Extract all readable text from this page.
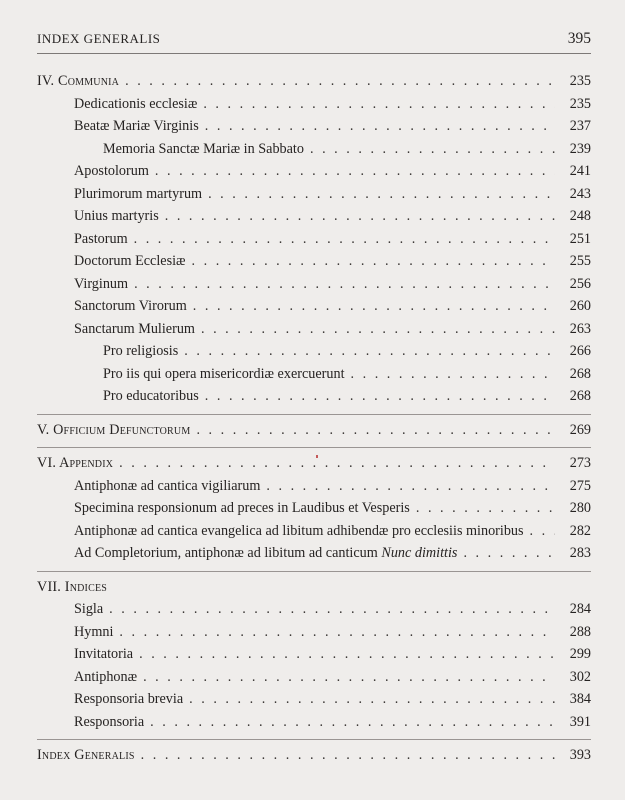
INDEX GENERALIS	395
IV. Communia . . .	235
Dedicationis ecclesiæ . . .	235
Beatæ Mariæ Virginis . . .	237
Memoria Sanctæ Mariæ in Sabbato . . .	239
Apostolorum . . .	241
Plurimorum martyrum . . .	243
Unius martyris . . .	248
Pastorum . . .	251
Doctorum Ecclesiæ . . .	255
Virginum . . .	256
Sanctorum Virorum . . .	260
Sanctarum Mulierum . . .	263
Pro religiosis . . .	266
Pro iis qui opera misericordiæ exercuerunt . . .	268
Pro educatoribus . . .	268
V. Officium Defunctorum . . .	269
VI. Appendix . . .	273
Antiphonæ ad cantica vigiliarum . . .	275
Specimina responsionum ad preces in Laudibus et Vesperis . . .	280
Antiphonæ ad cantica evangelica ad libitum adhibendæ pro ecclesiis minoribus . . .	282
Ad Completorium, antiphonæ ad libitum ad canticum Nunc dimittis . . .	283
VII. Indices
Sigla . . .	284
Hymni . . .	288
Invitatoria . . .	299
Antiphonæ . . .	302
Responsoria brevia . . .	384
Responsoria . . .	391
Index Generalis . . .	393
